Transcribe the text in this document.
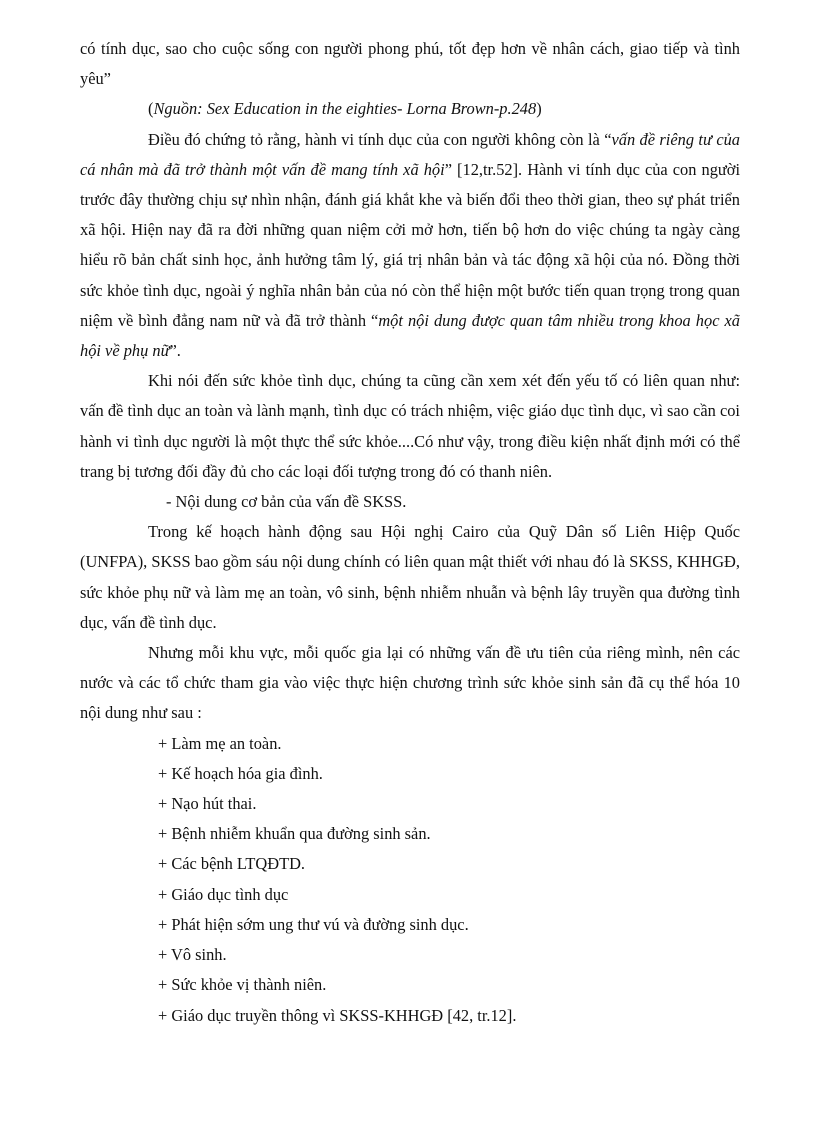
có tính dục, sao cho cuộc sống con người phong phú, tốt đẹp hơn về nhân cách, giao tiếp và tình yêu”

(Nguồn: Sex Education in the eighties- Lorna Brown-p.248)

Điều đó chứng tỏ rằng, hành vi tính dục của con người không còn là “vấn đề riêng tư của cá nhân mà đã trở thành một vấn đề mang tính xã hội” [12,tr.52]. Hành vi tính dục của con người trước đây thường chịu sự nhìn nhận, đánh giá khắt khe và biến đổi theo thời gian, theo sự phát triển xã hội. Hiện nay đã ra đời những quan niệm cởi mở hơn, tiến bộ hơn do việc chúng ta ngày càng hiểu rõ bản chất sinh học, ảnh hưởng tâm lý, giá trị nhân bản và tác động xã hội của nó. Đồng thời sức khỏe tình dục, ngoài ý nghĩa nhân bản của nó còn thể hiện một bước tiến quan trọng trong quan niệm về bình đẳng nam nữ và đã trở thành “một nội dung được quan tâm nhiều trong khoa học xã hội về phụ nữ”.

Khi nói đến sức khỏe tình dục, chúng ta cũng cần xem xét đến yếu tố có liên quan như: vấn đề tình dục an toàn và lành mạnh, tình dục có trách nhiệm, việc giáo dục tình dục, vì sao cần coi hành vi tình dục người là một thực thể sức khỏe....Có như vậy, trong điều kiện nhất định mới có thể trang bị tương đối đầy đủ cho các loại đối tượng trong đó có thanh niên.

- Nội dung cơ bản của vấn đề SKSS.

Trong kế hoạch hành động sau Hội nghị Cairo của Quỹ Dân số Liên Hiệp Quốc (UNFPA), SKSS bao gồm sáu nội dung chính có liên quan mật thiết với nhau đó là SKSS, KHHGĐ, sức khỏe phụ nữ và làm mẹ an toàn, vô sinh, bệnh nhiễm nhuẫn và bệnh lây truyền qua đường tình dục, vấn đề tình dục.

Nhưng mỗi khu vực, mỗi quốc gia lại có những vấn đề ưu tiên của riêng mình, nên các nước và các tổ chức tham gia vào việc thực hiện chương trình sức khỏe sinh sản đã cụ thể hóa 10 nội dung như sau :

+ Làm mẹ an toàn.
+ Kế hoạch hóa gia đình.
+ Nạo hút thai.
+ Bệnh nhiễm khuẩn qua đường sinh sản.
+ Các bệnh LTQĐTD.
+ Giáo dục tình dục
+ Phát hiện sớm ung thư vú và đường sinh dục.
+ Vô sinh.
+ Sức khỏe vị thành niên.
+ Giáo dục truyền thông vì SKSS-KHHGĐ [42, tr.12].
